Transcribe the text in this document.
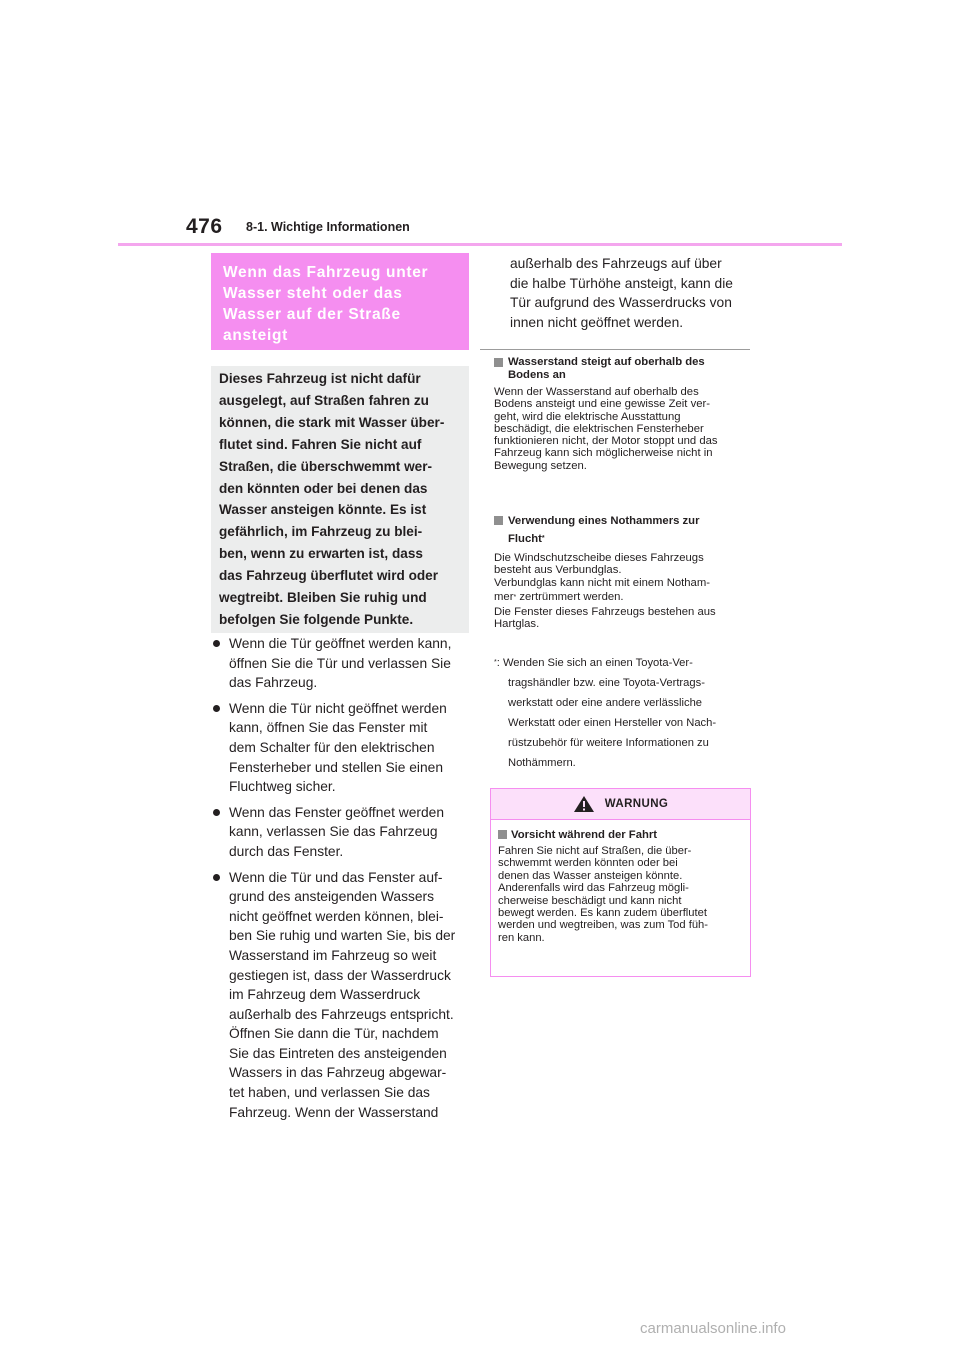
476 8-1. Wichtige Informationen
Wenn das Fahrzeug unter
Wasser steht oder das
Wasser auf der Straße
ansteigt
Dieses Fahrzeug ist nicht dafür
ausgelegt, auf Straßen fahren zu
können, die stark mit Wasser über-
flutet sind. Fahren Sie nicht auf
Straßen, die überschwemmt wer-
den könnten oder bei denen das
Wasser ansteigen könnte. Es ist
gefährlich, im Fahrzeug zu blei-
ben, wenn zu erwarten ist, dass
das Fahrzeug überflutet wird oder
wegtreibt. Bleiben Sie ruhig und
befolgen Sie folgende Punkte.
Wenn die Tür geöffnet werden kann,
öffnen Sie die Tür und verlassen Sie
das Fahrzeug.
Wenn die Tür nicht geöffnet werden
kann, öffnen Sie das Fenster mit
dem Schalter für den elektrischen
Fensterheber und stellen Sie einen
Fluchtweg sicher.
Wenn das Fenster geöffnet werden
kann, verlassen Sie das Fahrzeug
durch das Fenster.
Wenn die Tür und das Fenster auf-
grund des ansteigenden Wassers
nicht geöffnet werden können, blei-
ben Sie ruhig und warten Sie, bis der
Wasserstand im Fahrzeug so weit
gestiegen ist, dass der Wasserdruck
im Fahrzeug dem Wasserdruck
außerhalb des Fahrzeugs entspricht.
Öffnen Sie dann die Tür, nachdem
Sie das Eintreten des ansteigenden
Wassers in das Fahrzeug abgewar-
tet haben, und verlassen Sie das
Fahrzeug. Wenn der Wasserstand
außerhalb des Fahrzeugs auf über
die halbe Türhöhe ansteigt, kann die
Tür aufgrund des Wasserdrucks von
innen nicht geöffnet werden.
Wasserstand steigt auf oberhalb des
Bodens an
Wenn der Wasserstand auf oberhalb des
Bodens ansteigt und eine gewisse Zeit ver-
geht, wird die elektrische Ausstattung
beschädigt, die elektrischen Fensterheber
funktionieren nicht, der Motor stoppt und das
Fahrzeug kann sich möglicherweise nicht in
Bewegung setzen.
Verwendung eines Nothammers zur
Flucht*
Die Windschutzscheibe dieses Fahrzeugs
besteht aus Verbundglas.
Verbundglas kann nicht mit einem Notham-
mer* zertrümmert werden.
Die Fenster dieses Fahrzeugs bestehen aus
Hartglas.
*: Wenden Sie sich an einen Toyota-Ver-
tragshändler bzw. eine Toyota-Vertrags-
werkstatt oder eine andere verlässliche
Werkstatt oder einen Hersteller von Nach-
rüstzubehör für weitere Informationen zu
Nothämmern.
WARNUNG
Vorsicht während der Fahrt
Fahren Sie nicht auf Straßen, die über-
schwemmt werden könnten oder bei
denen das Wasser ansteigen könnte.
Anderenfalls wird das Fahrzeug mögli-
cherweise beschädigt und kann nicht
bewegt werden. Es kann zudem überflutet
werden und wegtreiben, was zum Tod füh-
ren kann.
carmanualsonline.info
